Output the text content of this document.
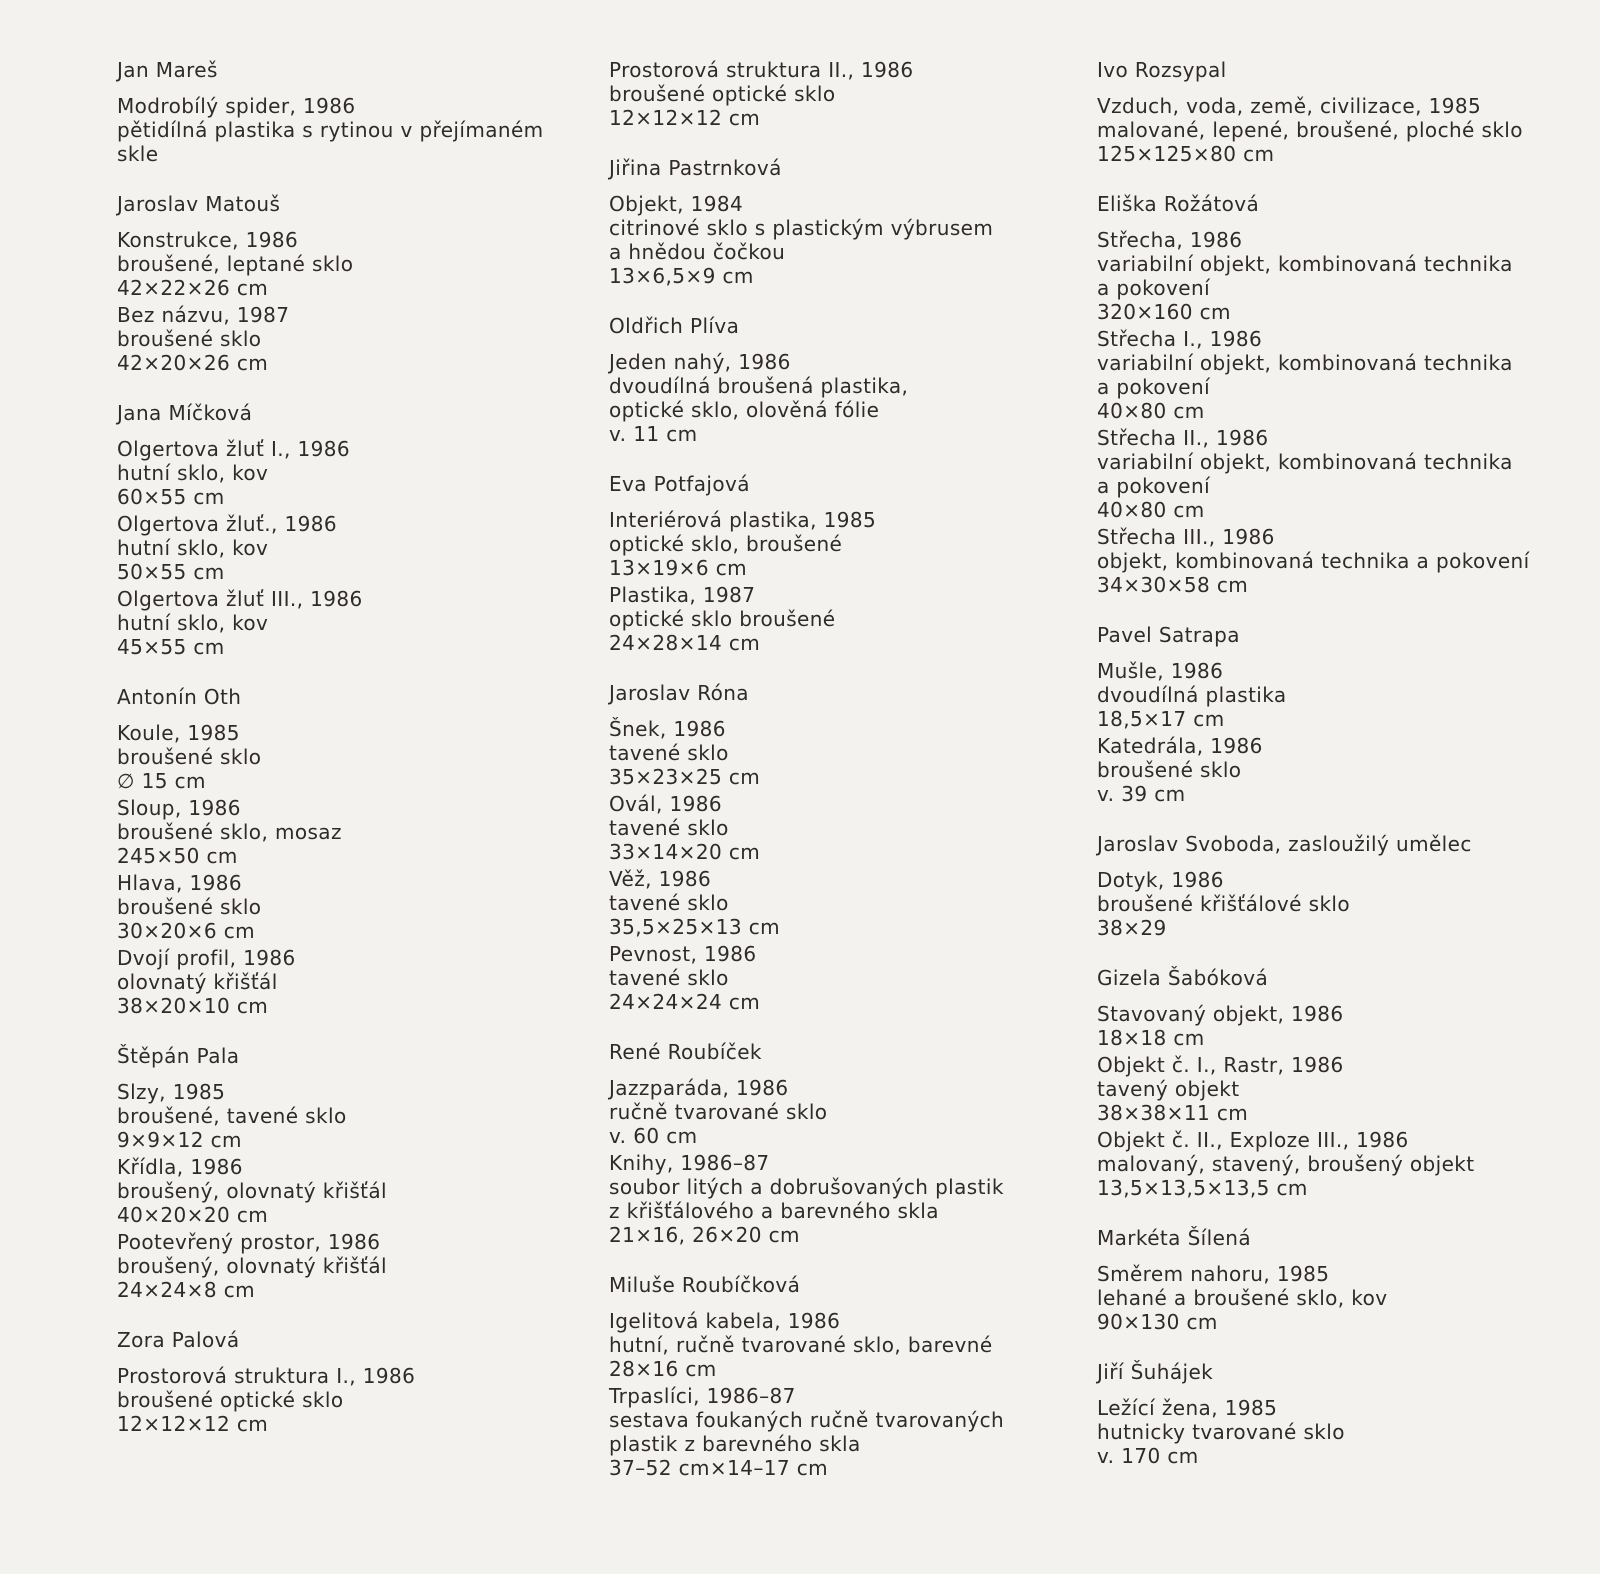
Jan Mareš
Modrobílý spider, 1986
pětidílná plastika s rytinou v přejímaném
skle
Jaroslav Matouš
Konstrukce, 1986
broušené, leptané sklo
42×22×26 cm
Bez názvu, 1987
broušené sklo
42×20×26 cm
Jana Míčková
Olgertova žluť I., 1986
hutní sklo, kov
60×55 cm
Olgertova žluť., 1986
hutní sklo, kov
50×55 cm
Olgertova žluť III., 1986
hutní sklo, kov
45×55 cm
Antonín Oth
Koule, 1985
broušené sklo
∅ 15 cm
Sloup, 1986
broušené sklo, mosaz
245×50 cm
Hlava, 1986
broušené sklo
30×20×6 cm
Dvojí profil, 1986
olovnatý křišťál
38×20×10 cm
Štěpán Pala
Slzy, 1985
broušené, tavené sklo
9×9×12 cm
Křídla, 1986
broušený, olovnatý křišťál
40×20×20 cm
Pootevřený prostor, 1986
broušený, olovnatý křišťál
24×24×8 cm
Zora Palová
Prostorová struktura I., 1986
broušené optické sklo
12×12×12 cm
Prostorová struktura II., 1986
broušené optické sklo
12×12×12 cm
Jiřina Pastrnková
Objekt, 1984
citrinové sklo s plastickým výbrusem
a hnědou čočkou
13×6,5×9 cm
Oldřich Plíva
Jeden nahý, 1986
dvoudílná broušená plastika,
optické sklo, olověná fólie
v. 11 cm
Eva Potfajová
Interiérová plastika, 1985
optické sklo, broušené
13×19×6 cm
Plastika, 1987
optické sklo broušené
24×28×14 cm
Jaroslav Róna
Šnek, 1986
tavené sklo
35×23×25 cm
Ovál, 1986
tavené sklo
33×14×20 cm
Věž, 1986
tavené sklo
35,5×25×13 cm
Pevnost, 1986
tavené sklo
24×24×24 cm
René Roubíček
Jazzparáda, 1986
ručně tvarované sklo
v. 60 cm
Knihy, 1986–87
soubor litých a dobrušovaných plastik
z křišťálového a barevného skla
21×16, 26×20 cm
Miluše Roubíčková
Igelitová kabela, 1986
hutní, ručně tvarované sklo, barevné
28×16 cm
Trpaslíci, 1986–87
sestava foukaných ručně tvarovaných
plastik z barevného skla
37–52 cm×14–17 cm
Ivo Rozsypal
Vzduch, voda, země, civilizace, 1985
malované, lepené, broušené, ploché sklo
125×125×80 cm
Eliška Rožátová
Střecha, 1986
variabilní objekt, kombinovaná technika
a pokovení
320×160 cm
Střecha I., 1986
variabilní objekt, kombinovaná technika
a pokovení
40×80 cm
Střecha II., 1986
variabilní objekt, kombinovaná technika
a pokovení
40×80 cm
Střecha III., 1986
objekt, kombinovaná technika a pokovení
34×30×58 cm
Pavel Satrapa
Mušle, 1986
dvoudílná plastika
18,5×17 cm
Katedrála, 1986
broušené sklo
v. 39 cm
Jaroslav Svoboda, zasloužilý umělec
Dotyk, 1986
broušené křišťálové sklo
38×29
Gizela Šabóková
Stavovaný objekt, 1986
18×18 cm
Objekt č. I., Rastr, 1986
tavený objekt
38×38×11 cm
Objekt č. II., Exploze III., 1986
malovaný, stavený, broušený objekt
13,5×13,5×13,5 cm
Markéta Šílená
Směrem nahoru, 1985
lehané a broušené sklo, kov
90×130 cm
Jiří Šuhájek
Ležící žena, 1985
hutnicky tvarované sklo
v. 170 cm
